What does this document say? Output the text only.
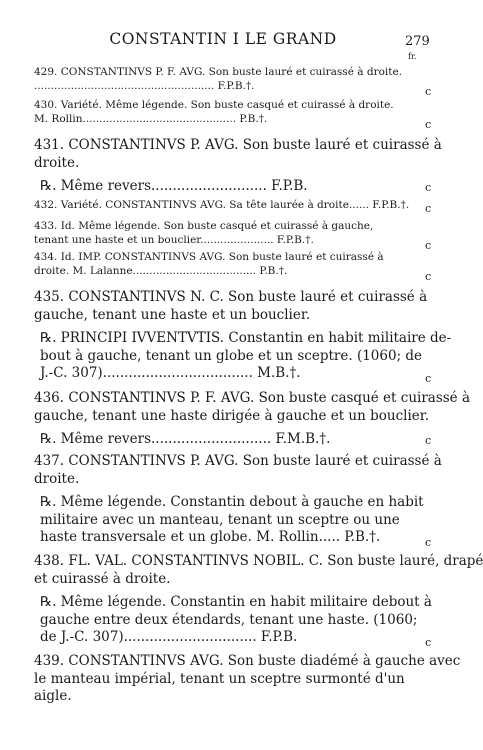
CONSTANTIN I LE GRAND	279
fr.
429. CONSTANTINVS P. F. AVG. Son buste lauré et cuirassé à droite.
...................................................... F.P.B.†.	c
430. Variété. Même légende. Son buste casqué et cuirassé à droite.
M. Rollin.............................................. P.B.†.	c
431. CONSTANTINVS P. AVG. Son buste lauré et cuirassé à
droite.
℞. Même revers........................... F.P.B.	c
432. Variété. CONSTANTINVS AVG. Sa tête laurée à droite...... F.P.B.†. c
433. Id. Même légende. Son buste casqué et cuirassé à gauche,
tenant une haste et un bouclier...................... F.P.B.†.	c
434. Id. IMP. CONSTANTINVS AVG. Son buste lauré et cuirassé à
droite. M. Lalanne..................................... P.B.†.	c
435. CONSTANTINVS N. C. Son buste lauré et cuirassé à
gauche, tenant une haste et un bouclier.
℞. PRINCIPI IVVENTVTIS. Constantin en habit militaire de-
bout à gauche, tenant un globe et un sceptre. (1060; de
J.-C. 307)................................... M.B.†.	c
436. CONSTANTINVS P. F. AVG. Son buste casqué et cuirassé à
gauche, tenant une haste dirigée à gauche et un bouclier.
℞. Même revers............................ F.M.B.†.	c
437. CONSTANTINVS P. AVG. Son buste lauré et cuirassé à
droite.
℞. Même légende. Constantin debout à gauche en habit
militaire avec un manteau, tenant un sceptre ou une
haste transversale et un globe. M. Rollin..... P.B.†.	c
438. FL. VAL. CONSTANTINVS NOBIL. C. Son buste lauré, drapé
et cuirassé à droite.
℞. Même légende. Constantin en habit militaire debout à
gauche entre deux étendards, tenant une haste. (1060;
de J.-C. 307)............................... F.P.B.	c
439. CONSTANTINVS AVG. Son buste diadémé à gauche avec
le manteau impérial, tenant un sceptre surmonté d'un
aigle.
